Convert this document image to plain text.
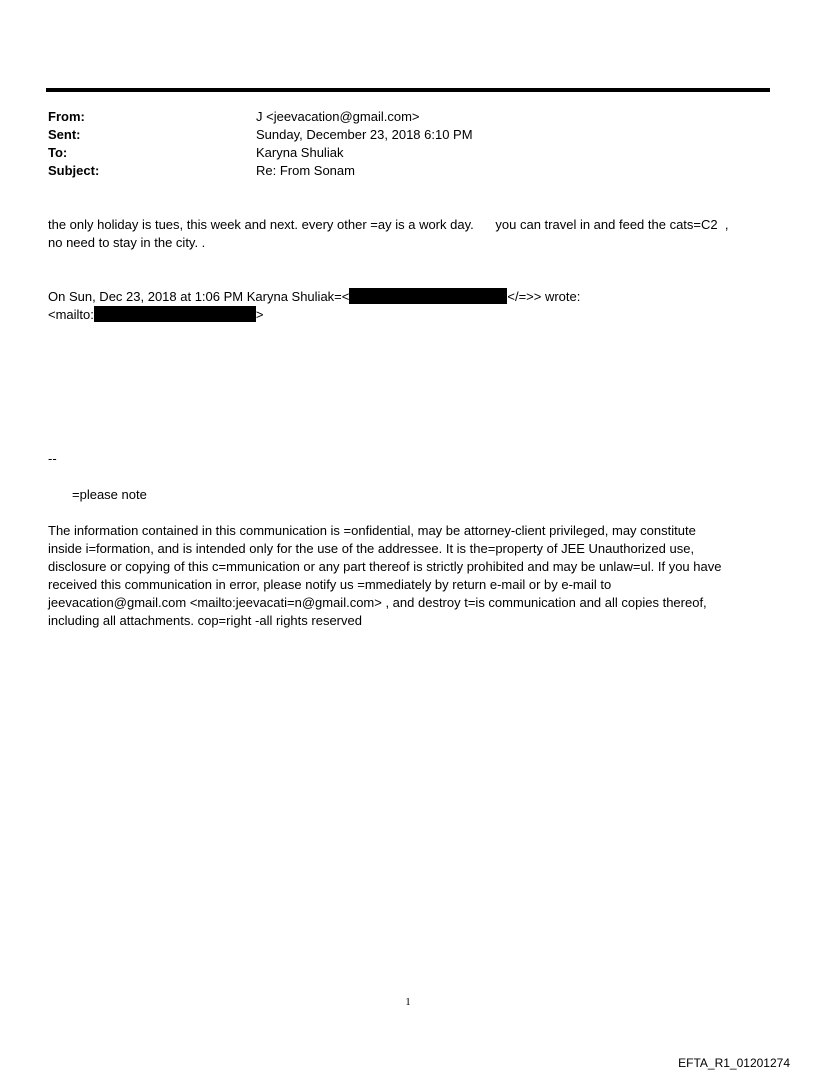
From:	J <jeevacation@gmail.com>
Sent:	Sunday, December 23, 2018 6:10 PM
To:	Karyna Shuliak
Subject:	Re: From Sonam
the only holiday is tues, this week and next. every other =ay is a work day.      you can travel in and feed the cats=C2  ,
no need to stay in the city. .
On Sun, Dec 23, 2018 at 1:06 PM Karyna Shuliak=<	</=>> wrote:
<mailto:	>
--
=please note
The information contained in this communication is =onfidential, may be attorney-client privileged, may constitute
inside i=formation, and is intended only for the use of the addressee. It is the=property of JEE Unauthorized use,
disclosure or copying of this c=mmunication or any part thereof is strictly prohibited and may be unlaw=ul. If you have
received this communication in error, please notify us =mmediately by return e-mail or by e-mail to
jeevacation@gmail.com <mailto:jeevacati=n@gmail.com> , and destroy t=is communication and all copies thereof,
including all attachments. cop=right -all rights reserved
1
EFTA_R1_01201274
